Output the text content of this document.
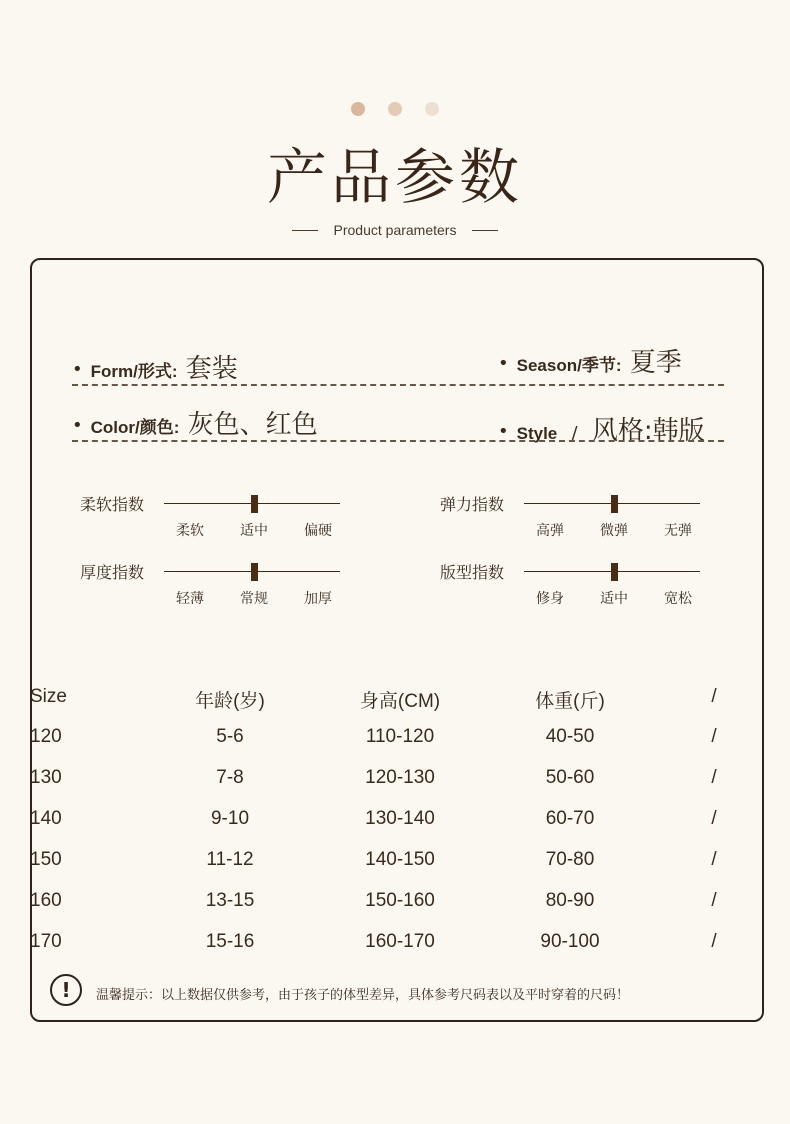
产品参数
Product parameters
• Form/形式: 套装	• Season/季节: 夏季
• Color/颜色: 灰色、红色	• Style / 风格:韩版
柔软指数
柔软	适中	偏硬
弹力指数
高弹	微弹	无弹
厚度指数
轻薄	常规	加厚
版型指数
修身	适中	宽松
Size	年龄(岁)	身高(CM)	体重(斤)	/
120	5-6	110-120	40-50	/
130	7-8	120-130	50-60	/
140	9-10	130-140	60-70	/
150	11-12	140-150	70-80	/
160	13-15	150-160	80-90	/
170	15-16	160-170	90-100	/
!	温馨提示：以上数据仅供参考，由于孩子的体型差异，具体参考尺码表以及平时穿着的尺码！
